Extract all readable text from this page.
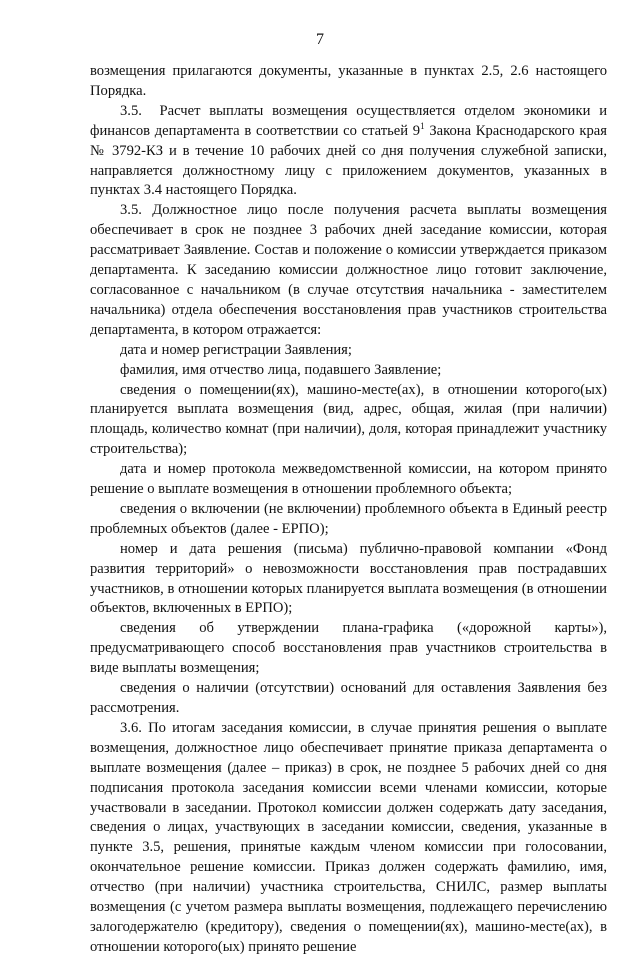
7

возмещения прилагаются документы, указанные в пунктах 2.5, 2.6 настоящего Порядка.

3.5.  Расчет выплаты возмещения осуществляется отделом экономики и финансов департамента в соответствии со статьей $9^1$ Закона Краснодарского края № 3792-КЗ и в течение 10 рабочих дней со дня получения служебной записки, направляется должностному лицу с приложением документов, указанных в пунктах 3.4 настоящего Порядка.

3.5. Должностное лицо после получения расчета выплаты возмещения обеспечивает в срок не позднее 3 рабочих дней заседание комиссии, которая рассматривает Заявление. Состав и положение о комиссии утверждается приказом департамента. К заседанию комиссии должностное лицо готовит заключение, согласованное с начальником (в случае отсутствия начальника - заместителем начальника) отдела обеспечения восстановления прав участников строительства департамента, в котором отражается:

дата и номер регистрации Заявления;

фамилия, имя отчество лица, подавшего Заявление;

сведения о помещении(ях), машино-месте(ах), в отношении которого(ых) планируется выплата возмещения (вид, адрес, общая, жилая (при наличии) площадь, количество комнат (при наличии), доля, которая принадлежит участнику строительства);

дата и номер протокола межведомственной комиссии, на котором принято решение о выплате возмещения в отношении проблемного объекта;

сведения о включении (не включении) проблемного объекта в Единый реестр проблемных объектов (далее - ЕРПО);

номер и дата решения (письма) публично-правовой компании «Фонд развития территорий» о невозможности восстановления прав пострадавших участников, в отношении которых планируется выплата возмещения (в отношении объектов, включенных в ЕРПО);

сведения об утверждении плана-графика («дорожной карты»), предусматривающего способ восстановления прав участников строительства в виде выплаты возмещения;

сведения о наличии (отсутствии) оснований для оставления Заявления без рассмотрения.

3.6. По итогам заседания комиссии, в случае принятия решения о выплате возмещения, должностное лицо обеспечивает принятие приказа департамента о выплате возмещения (далее – приказ) в срок, не позднее 5 рабочих дней со дня подписания протокола заседания комиссии всеми членами комиссии, которые участвовали в заседании. Протокол комиссии должен содержать дату заседания, сведения о лицах, участвующих в заседании комиссии, сведения, указанные в пункте 3.5, решения, принятые каждым членом комиссии при голосовании, окончательное решение комиссии. Приказ должен содержать фамилию, имя, отчество (при наличии) участника строительства, СНИЛС, размер выплаты возмещения (с учетом размера выплаты возмещения, подлежащего перечислению залогодержателю (кредитору), сведения о помещении(ях), машино-месте(ах), в отношении которого(ых) принято решение
